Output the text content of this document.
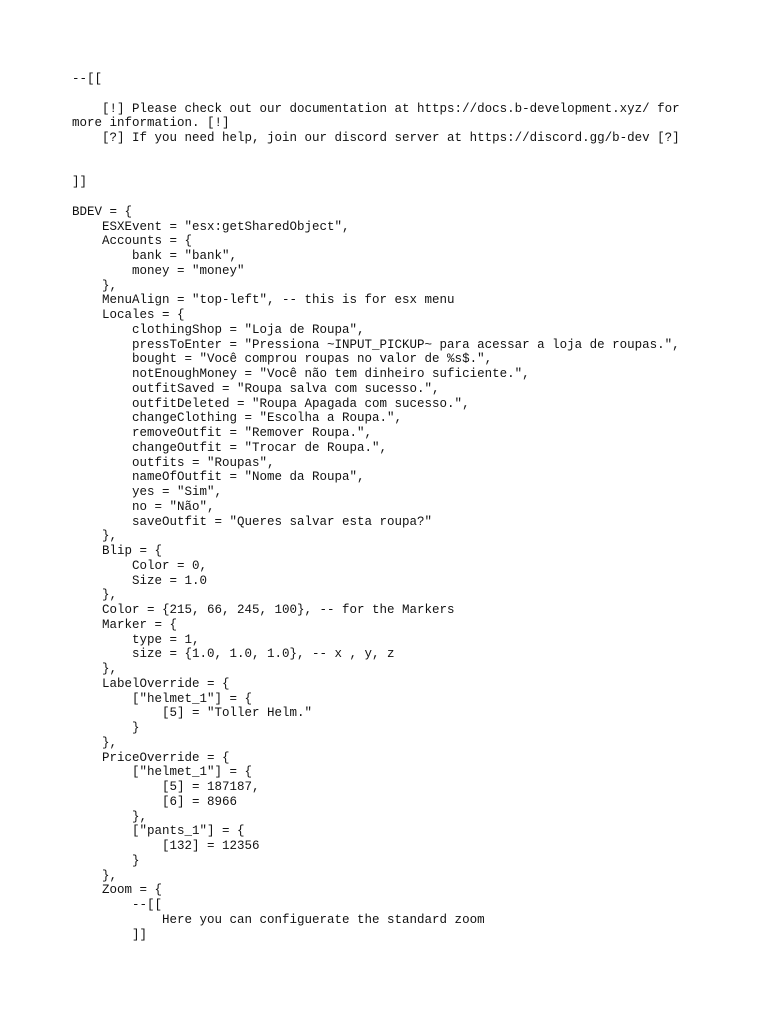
--[[
[!] Please check out our documentation at https://docs.b-development.xyz/ for
more information. [!]
[?] If you need help, join our discord server at https://discord.gg/b-dev [?]
]]
BDEV = {
ESXEvent = "esx:getSharedObject",
Accounts = {
bank = "bank",
money = "money"
},
MenuAlign = "top-left", -- this is for esx menu
Locales = {
clothingShop = "Loja de Roupa",
pressToEnter = "Pressiona ~INPUT_PICKUP~ para acessar a loja de roupas.",
bought = "Você comprou roupas no valor de %s$.",
notEnoughMoney = "Você não tem dinheiro suficiente.",
outfitSaved = "Roupa salva com sucesso.",
outfitDeleted = "Roupa Apagada com sucesso.",
changeClothing = "Escolha a Roupa.",
removeOutfit = "Remover Roupa.",
changeOutfit = "Trocar de Roupa.",
outfits = "Roupas",
nameOfOutfit = "Nome da Roupa",
yes = "Sim",
no = "Não",
saveOutfit = "Queres salvar esta roupa?"
},
Blip = {
Color = 0,
Size = 1.0
},
Color = {215, 66, 245, 100}, -- for the Markers
Marker = {
type = 1,
size = {1.0, 1.0, 1.0}, -- x , y, z
},
LabelOverride = {
["helmet_1"] = {
[5] = "Toller Helm."
}
},
PriceOverride = {
["helmet_1"] = {
[5] = 187187,
[6] = 8966
},
["pants_1"] = {
[132] = 12356
}
},
Zoom = {
--[[
Here you can configuerate the standard zoom
]]
